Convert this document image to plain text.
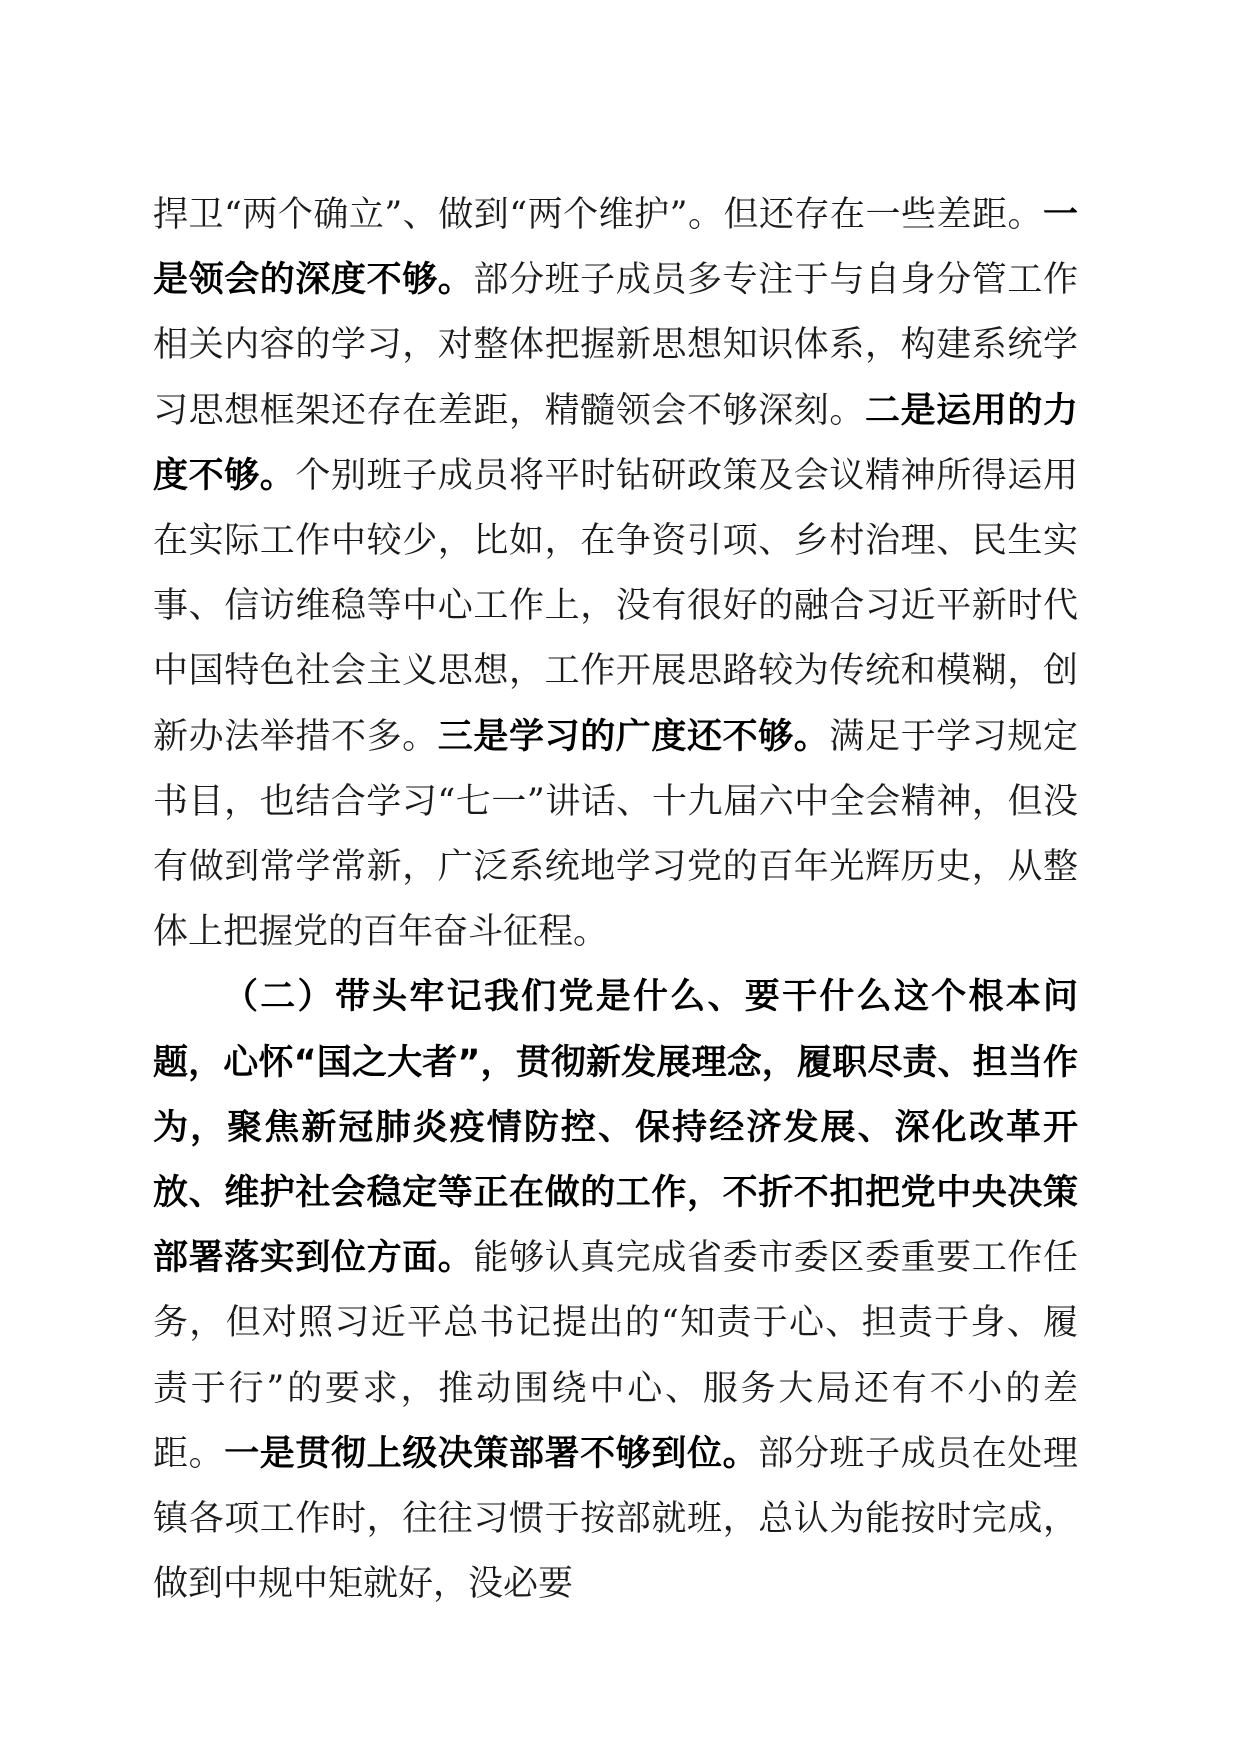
捍卫“两个确立”、做到“两个维护”。但还存在一些差距。一是领会的深度不够。部分班子成员多专注于与自身分管工作相关内容的学习，对整体把握新思想知识体系，构建系统学习思想框架还存在差距，精髓领会不够深刻。二是运用的力度不够。个别班子成员将平时钻研政策及会议精神所得运用在实际工作中较少，比如，在争资引项、乡村治理、民生实事、信访维稳等中心工作上，没有很好的融合习近平新时代中国特色社会主义思想，工作开展思路较为传统和模糊，创新办法举措不多。三是学习的广度还不够。满足于学习规定书目，也结合学习“七一”讲话、十九届六中全会精神，但没有做到常学常新，广泛系统地学习党的百年光辉历史，从整体上把握党的百年奋斗征程。

（二）带头牢记我们党是什么、要干什么这个根本问题，心怀“国之大者”，贯彻新发展理念，履职尽责、担当作为，聚焦新冠肺炎疫情防控、保持经济发展、深化改革开放、维护社会稳定等正在做的工作，不折不扣把党中央决策部署落实到位方面。能够认真完成省委市委区委重要工作任务，但对照习近平总书记提出的“知责于心、担责于身、履责于行”的要求，推动围绕中心、服务大局还有不小的差距。一是贯彻上级决策部署不够到位。部分班子成员在处理镇各项工作时，往往习惯于按部就班，总认为能按时完成，做到中规中矩就好，没必要
